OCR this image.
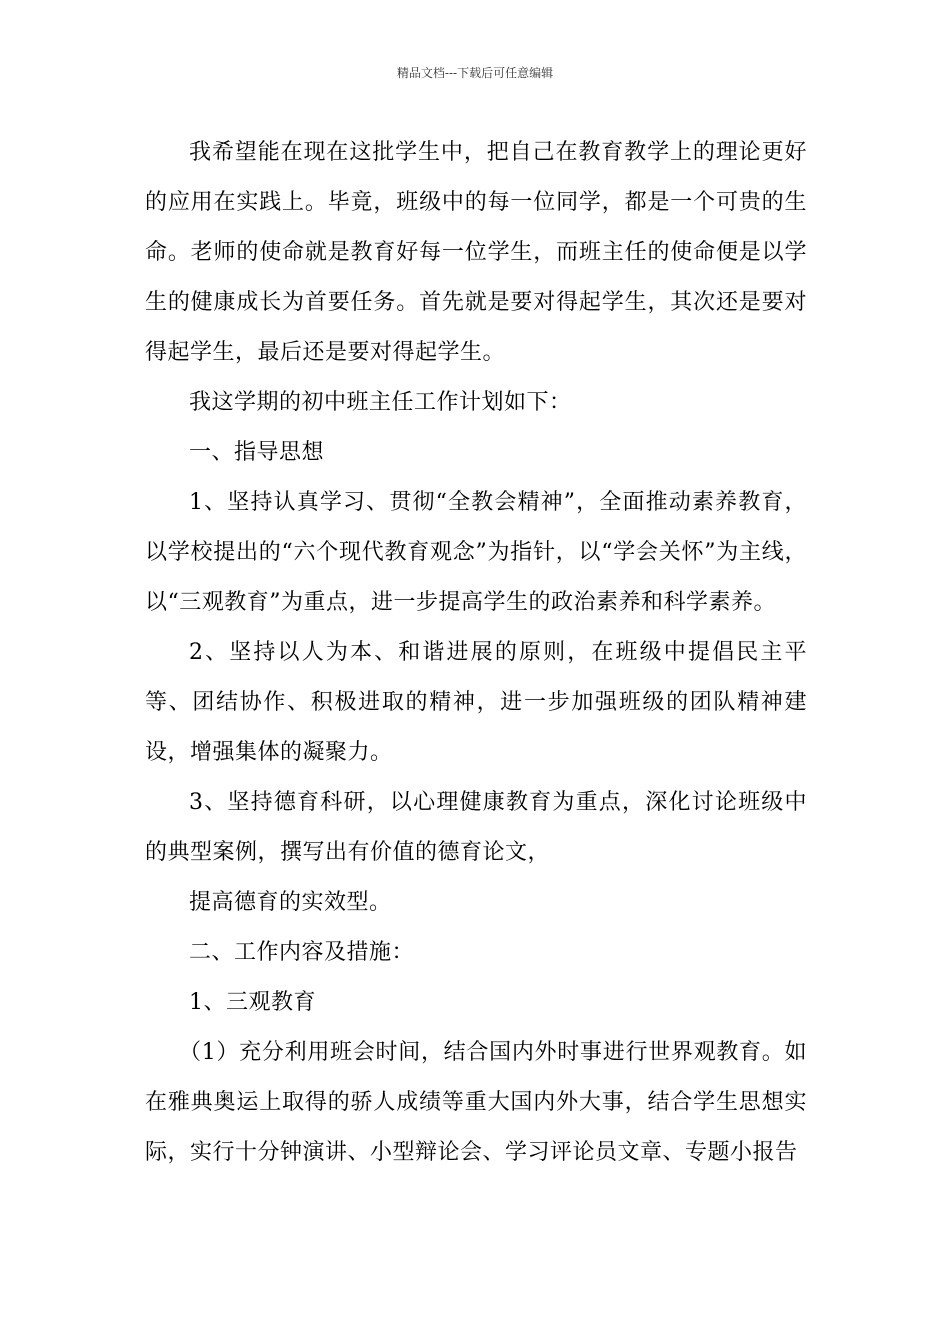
精品文档---下载后可任意编辑

我希望能在现在这批学生中，把自己在教育教学上的理论更好的应用在实践上。毕竟，班级中的每一位同学，都是一个可贵的生命。老师的使命就是教育好每一位学生，而班主任的使命便是以学生的健康成长为首要任务。首先就是要对得起学生，其次还是要对得起学生，最后还是要对得起学生。

我这学期的初中班主任工作计划如下：

一、指导思想

1、坚持认真学习、贯彻“全教会精神”，全面推动素养教育，以学校提出的“六个现代教育观念”为指针，以“学会关怀”为主线，以“三观教育”为重点，进一步提高学生的政治素养和科学素养。

2、坚持以人为本、和谐进展的原则，在班级中提倡民主平等、团结协作、积极进取的精神，进一步加强班级的团队精神建设，增强集体的凝聚力。

3、坚持德育科研，以心理健康教育为重点，深化讨论班级中的典型案例，撰写出有价值的德育论文，

提高德育的实效型。

二、工作内容及措施：

1、三观教育

（1）充分利用班会时间，结合国内外时事进行世界观教育。如在雅典奥运上取得的骄人成绩等重大国内外大事，结合学生思想实际，实行十分钟演讲、小型辩论会、学习评论员文章、专题小报告
